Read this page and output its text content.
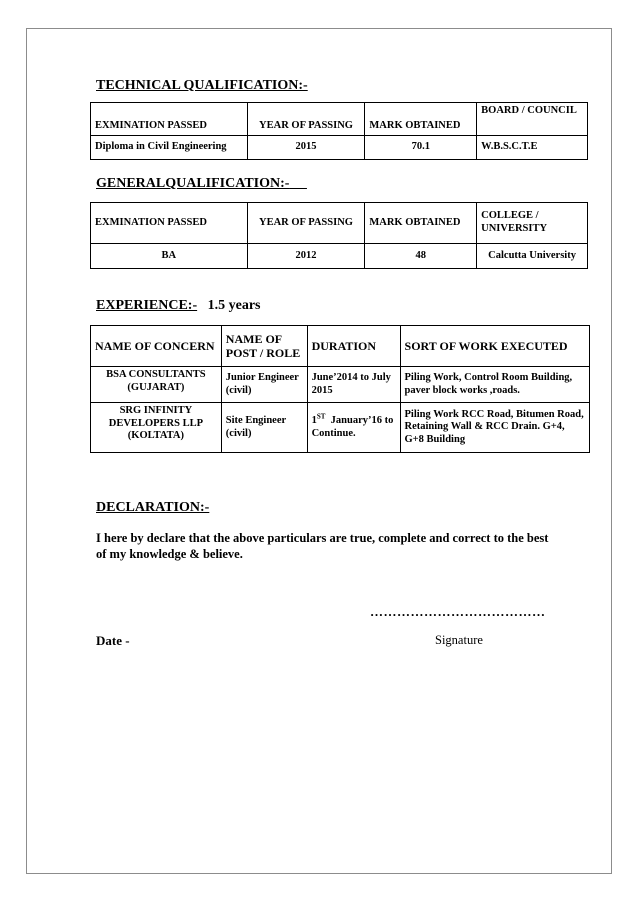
TECHNICAL QUALIFICATION:-
EXMINATION PASSED	YEAR OF PASSING	MARK OBTAINED	BOARD / COUNCIL
Diploma in Civil Engineering	2015	70.1	W.B.S.C.T.E
GENERALQUALIFICATION:-
EXMINATION PASSED	YEAR OF PASSING	MARK OBTAINED	COLLEGE / UNIVERSITY
BA	2012	48	Calcutta University
EXPERIENCE:- 1.5 years
NAME OF CONCERN	NAME OF POST / ROLE	DURATION	SORT OF WORK EXECUTED
BSA CONSULTANTS (GUJARAT)	Junior Engineer (civil)	June’2014 to July 2015	Piling Work, Control Room Building, paver block works ,roads.
SRG INFINITY DEVELOPERS LLP (KOLTATA)	Site Engineer (civil)	1ST January’16 to Continue.	Piling Work RCC Road, Bitumen Road, Retaining Wall & RCC Drain. G+4, G+8 Building
DECLARATION:-
I here by declare that the above particulars are true, complete and correct to the best of my knowledge & believe.
…………………………………
Date -	Signature
